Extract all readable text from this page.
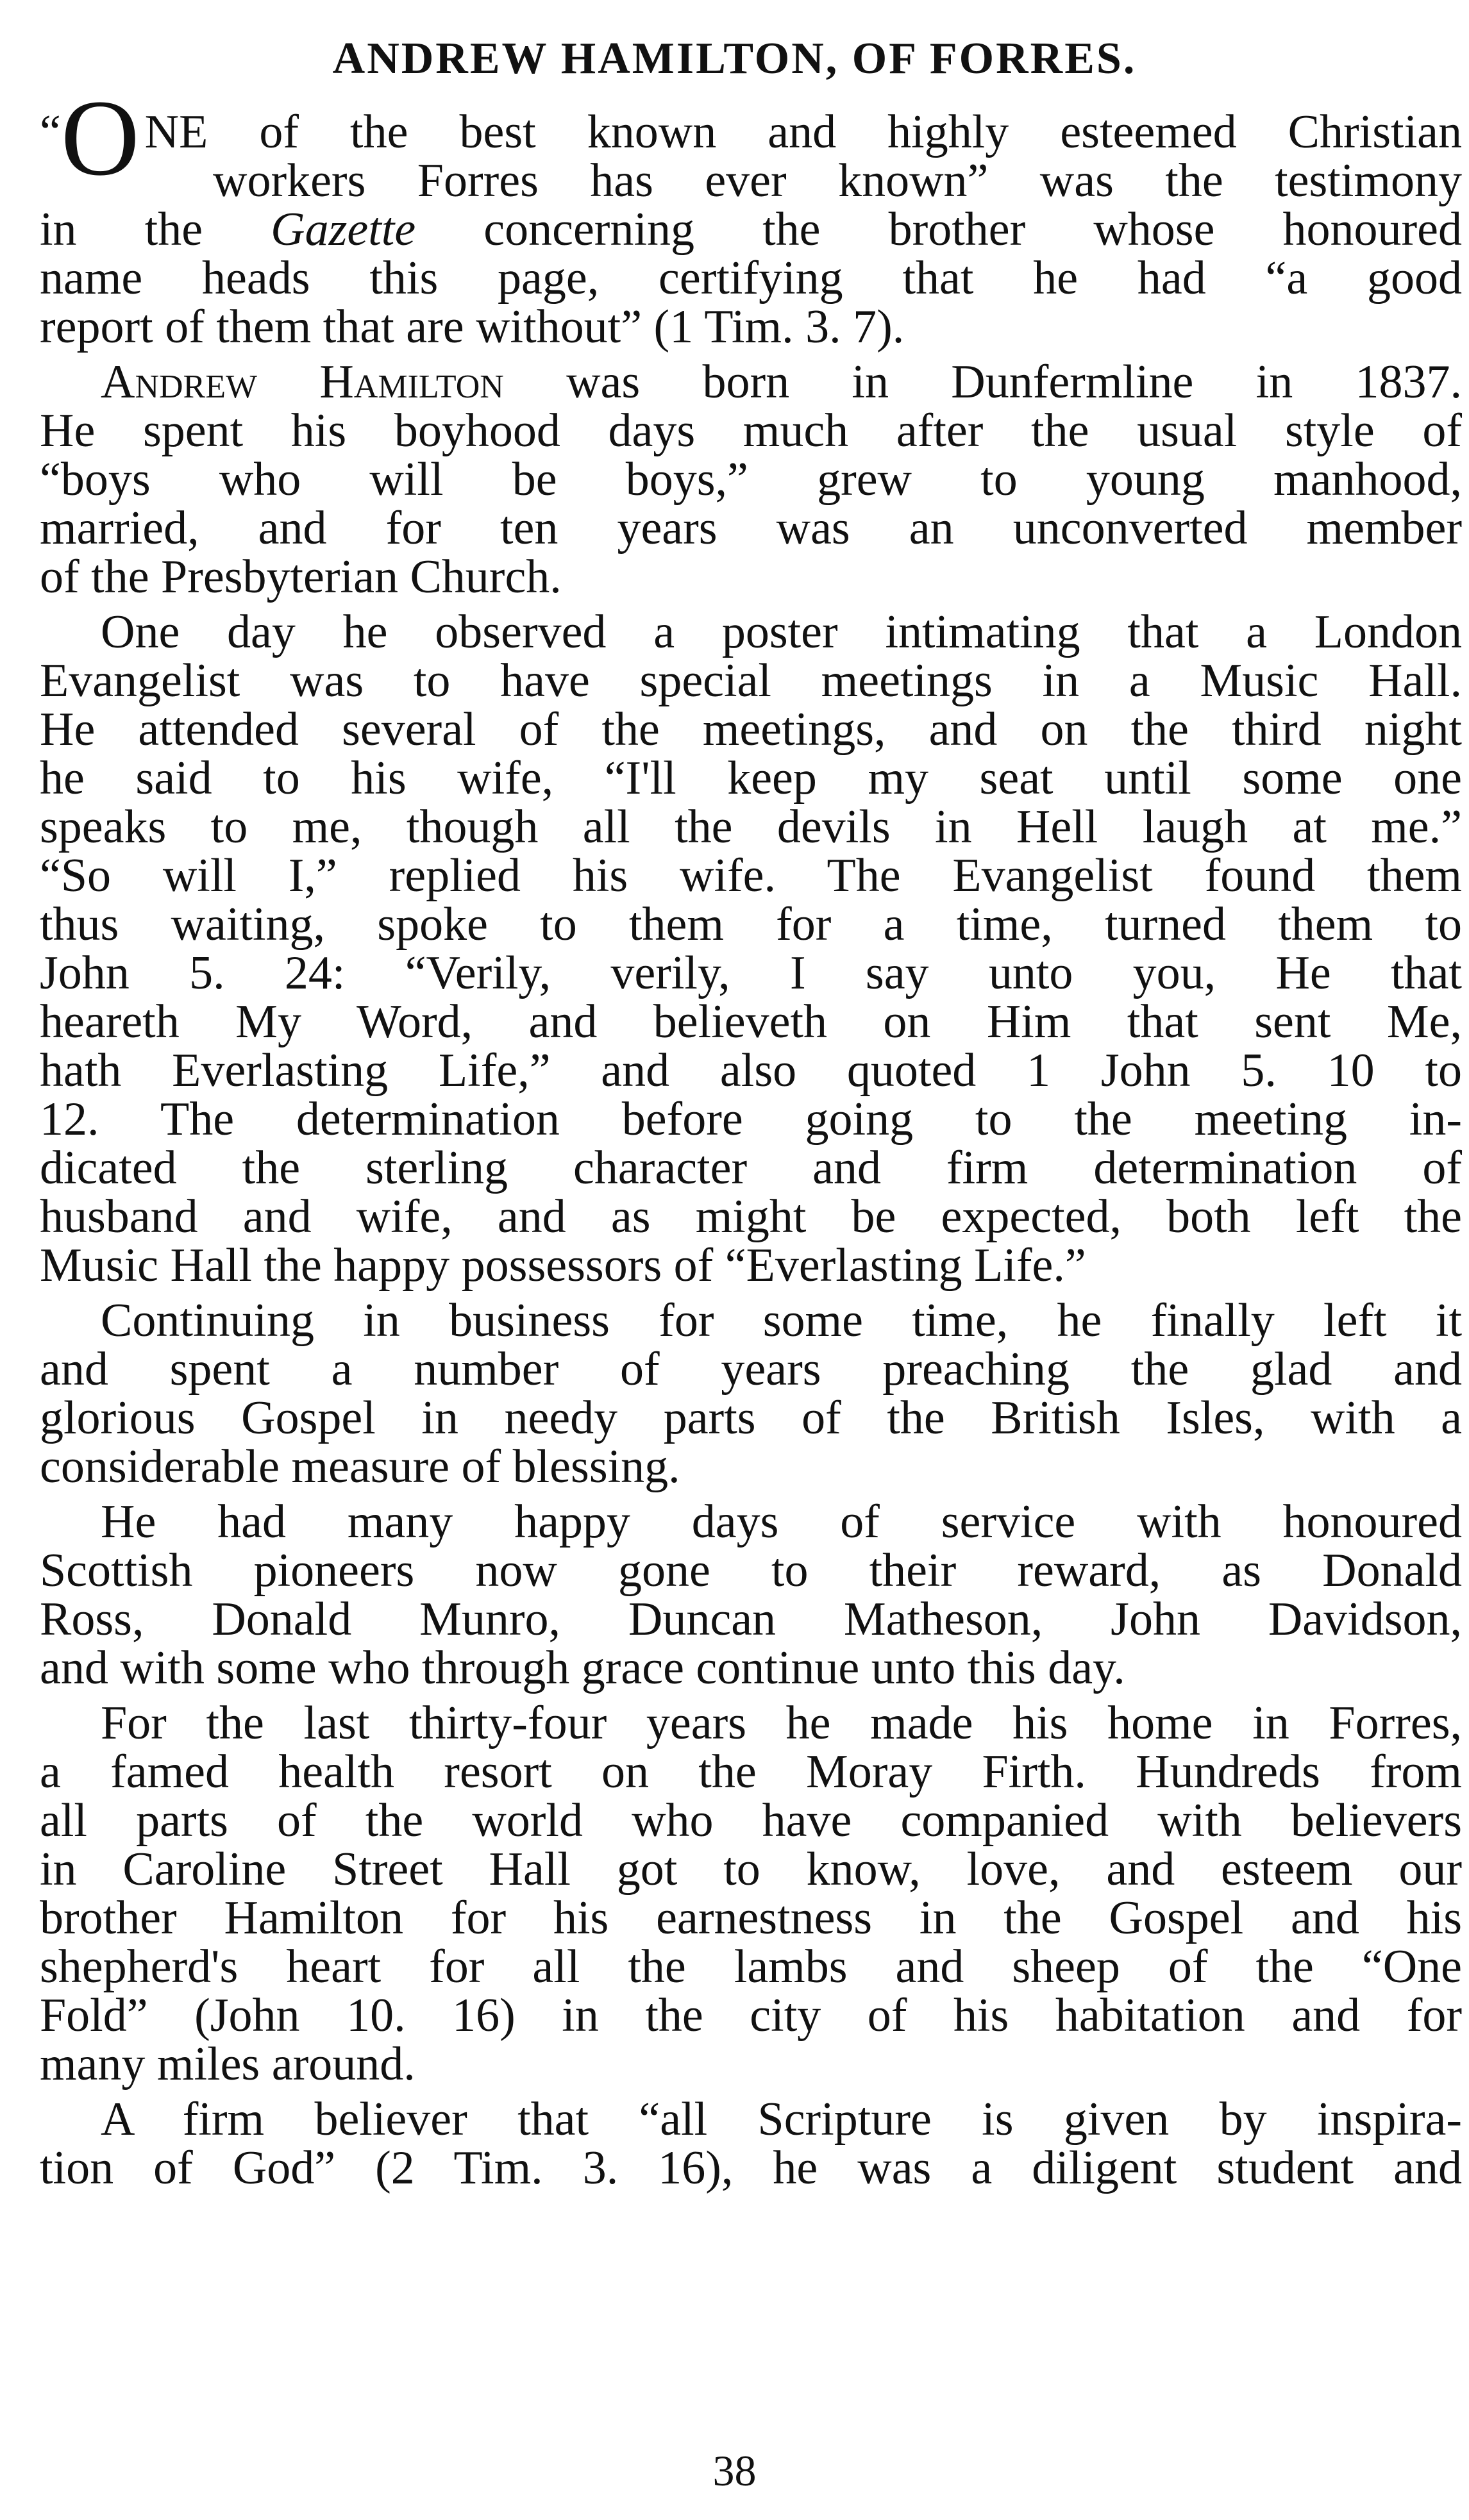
ANDREW HAMILTON, OF FORRES.
“O NE of the best known and highly esteemed Christian
workers Forres has ever known” was the testimony
in the Gazette concerning the brother whose honoured
name heads this page, certifying that he had “a good
report of them that are without” (1 Tim. 3. 7).
Andrew Hamilton was born in Dunfermline in 1837.
He spent his boyhood days much after the usual style of
“boys who will be boys,” grew to young manhood,
married, and for ten years was an unconverted member
of the Presbyterian Church.
One day he observed a poster intimating that a London
Evangelist was to have special meetings in a Music Hall.
He attended several of the meetings, and on the third night
he said to his wife, “I'll keep my seat until some one
speaks to me, though all the devils in Hell laugh at me.”
“So will I,” replied his wife. The Evangelist found them
thus waiting, spoke to them for a time, turned them to
John 5. 24: “Verily, verily, I say unto you, He that
heareth My Word, and believeth on Him that sent Me,
hath Everlasting Life,” and also quoted 1 John 5. 10 to
12. The determination before going to the meeting in-
dicated the sterling character and firm determination of
husband and wife, and as might be expected, both left the
Music Hall the happy possessors of “Everlasting Life.”
Continuing in business for some time, he finally left it
and spent a number of years preaching the glad and
glorious Gospel in needy parts of the British Isles, with a
considerable measure of blessing.
He had many happy days of service with honoured
Scottish pioneers now gone to their reward, as Donald
Ross, Donald Munro, Duncan Matheson, John Davidson,
and with some who through grace continue unto this day.
For the last thirty-four years he made his home in Forres,
a famed health resort on the Moray Firth. Hundreds from
all parts of the world who have companied with believers
in Caroline Street Hall got to know, love, and esteem our
brother Hamilton for his earnestness in the Gospel and his
shepherd's heart for all the lambs and sheep of the “One
Fold” (John 10. 16) in the city of his habitation and for
many miles around.
A firm believer that “all Scripture is given by inspira-
tion of God” (2 Tim. 3. 16), he was a diligent student and
38
